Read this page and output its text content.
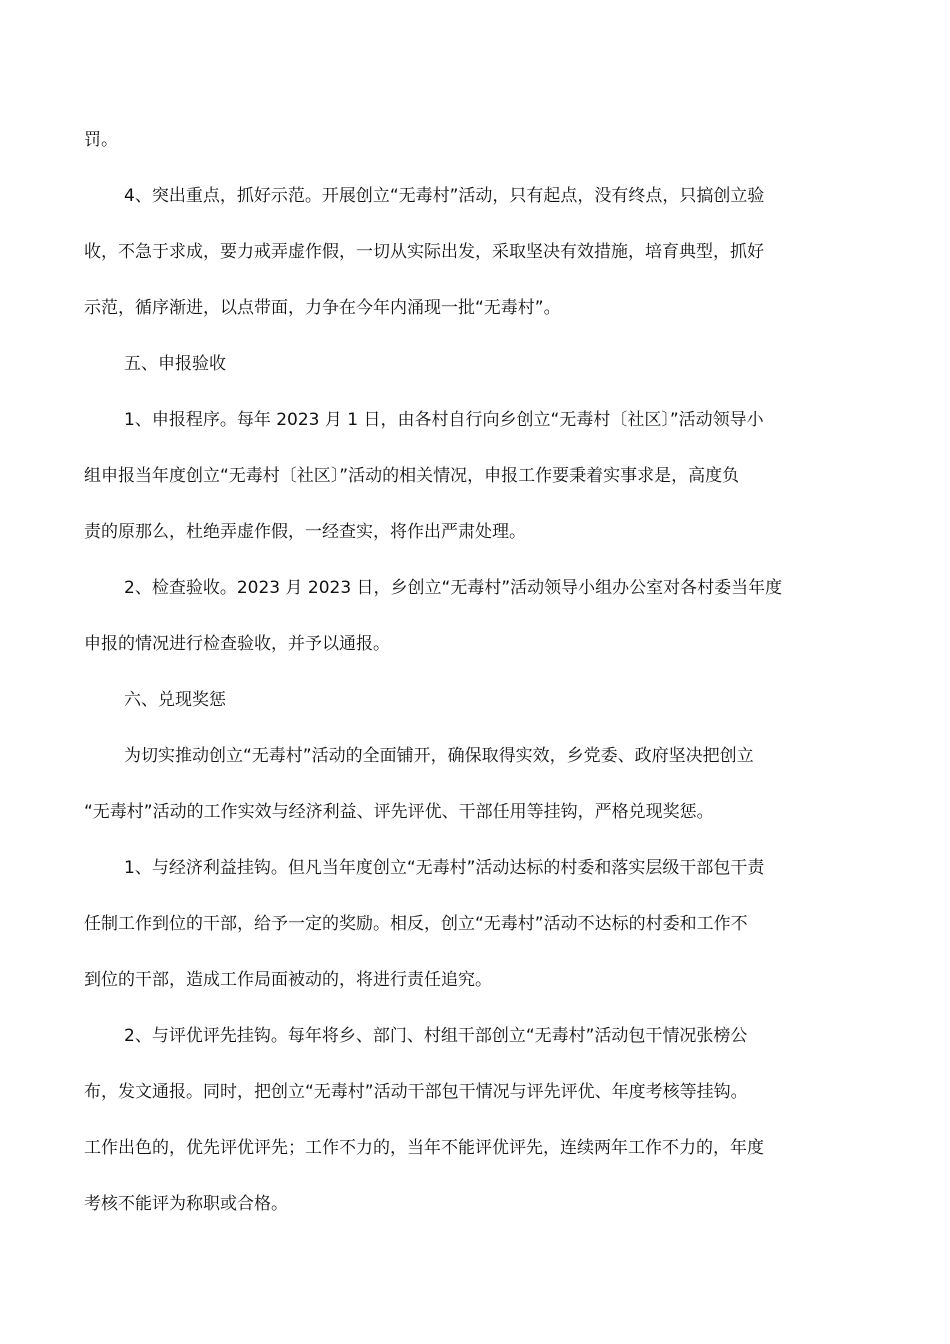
罚。
4、突出重点，抓好示范。开展创立“无毒村”活动，只有起点，没有终点，只搞创立验
收，不急于求成，要力戒弄虚作假，一切从实际出发，采取坚决有效措施，培育典型，抓好
示范，循序渐进，以点带面，力争在今年内涌现一批“无毒村”。
五、申报验收
1、申报程序。每年 2023 月 1 日，由各村自行向乡创立“无毒村〔社区〕”活动领导小
组申报当年度创立“无毒村〔社区〕”活动的相关情况，申报工作要秉着实事求是，高度负
责的原那么，杜绝弄虚作假，一经查实，将作出严肃处理。
2、检查验收。2023 月 2023 日，乡创立“无毒村”活动领导小组办公室对各村委当年度
申报的情况进行检查验收，并予以通报。
六、兑现奖惩
为切实推动创立“无毒村”活动的全面铺开，确保取得实效，乡党委、政府坚决把创立
“无毒村”活动的工作实效与经济利益、评先评优、干部任用等挂钩，严格兑现奖惩。
1、与经济利益挂钩。但凡当年度创立“无毒村”活动达标的村委和落实层级干部包干责
任制工作到位的干部，给予一定的奖励。相反，创立“无毒村”活动不达标的村委和工作不
到位的干部，造成工作局面被动的，将进行责任追究。
2、与评优评先挂钩。每年将乡、部门、村组干部创立“无毒村”活动包干情况张榜公
布，发文通报。同时，把创立“无毒村”活动干部包干情况与评先评优、年度考核等挂钩。
工作出色的，优先评优评先；工作不力的，当年不能评优评先，连续两年工作不力的，年度
考核不能评为称职或合格。
